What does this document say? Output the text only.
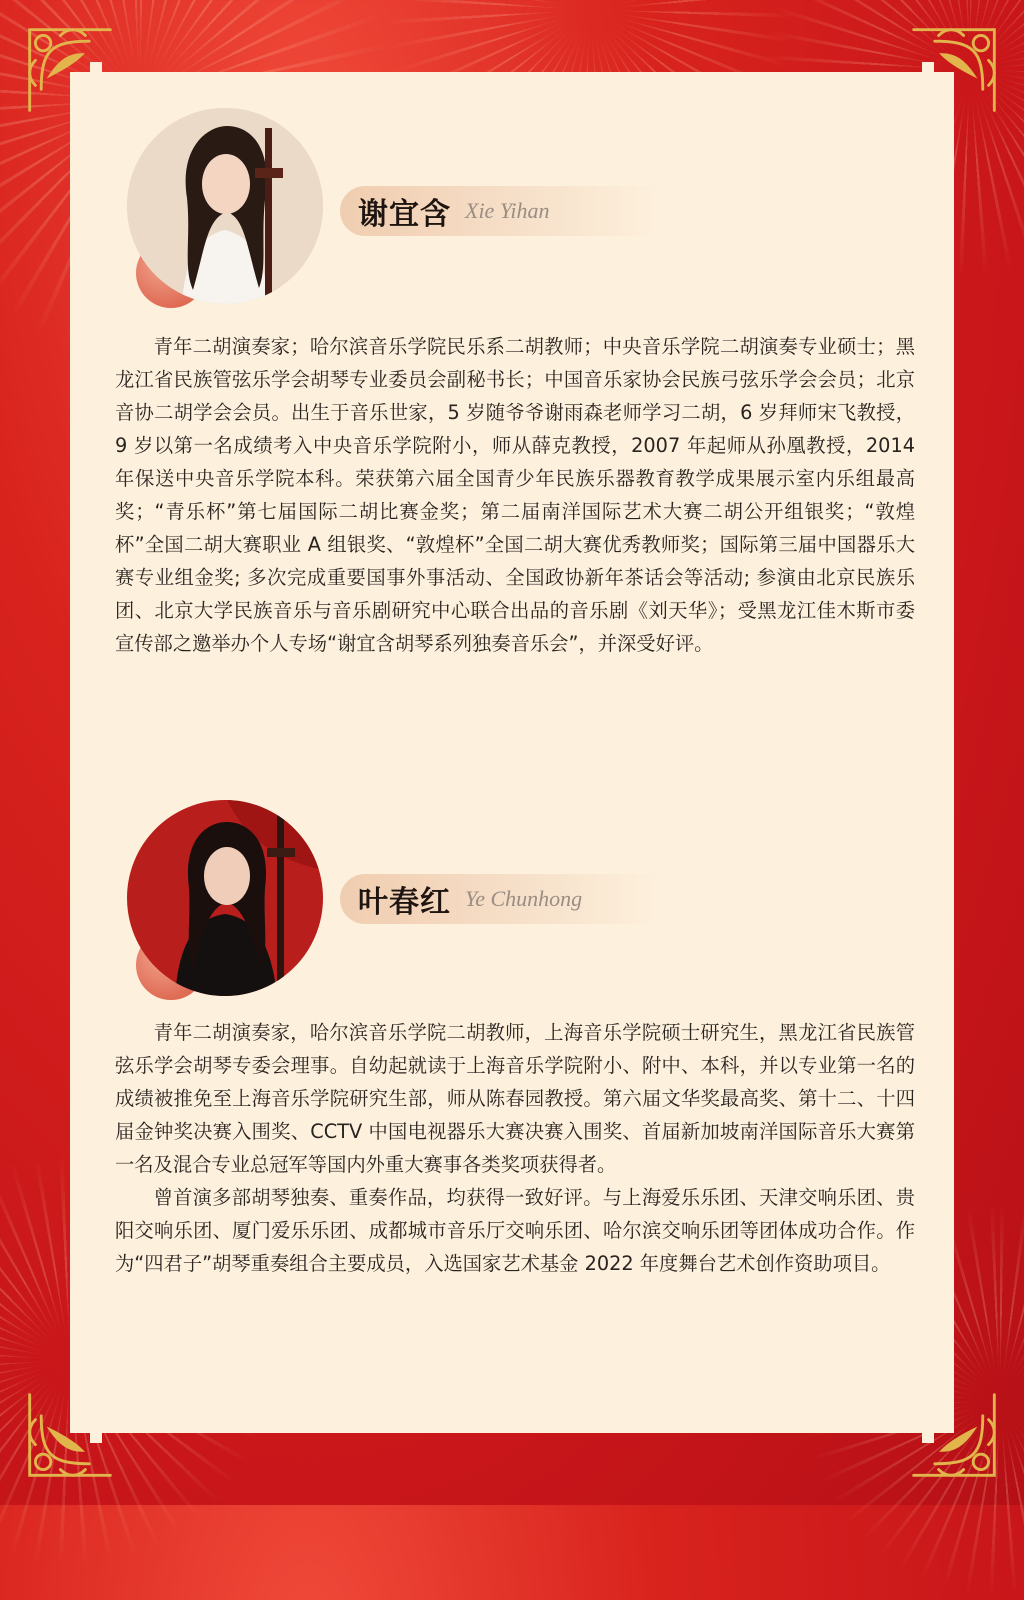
谢宜含 Xie Yihan

青年二胡演奏家；哈尔滨音乐学院民乐系二胡教师；中央音乐学院二胡演奏专业硕士；黑龙江省民族管弦乐学会胡琴专业委员会副秘书长；中国音乐家协会民族弓弦乐学会会员；北京音协二胡学会会员。出生于音乐世家，5 岁随爷爷谢雨森老师学习二胡，6 岁拜师宋飞教授，9 岁以第一名成绩考入中央音乐学院附小，师从薛克教授，2007 年起师从孙凰教授，2014 年保送中央音乐学院本科。荣获第六届全国青少年民族乐器教育教学成果展示室内乐组最高奖；“青乐杯”第七届国际二胡比赛金奖；第二届南洋国际艺术大赛二胡公开组银奖；“敦煌杯”全国二胡大赛职业 A 组银奖、“敦煌杯”全国二胡大赛优秀教师奖；国际第三届中国器乐大赛专业组金奖; 多次完成重要国事外事活动、全国政协新年茶话会等活动; 参演由北京民族乐团、北京大学民族音乐与音乐剧研究中心联合出品的音乐剧《刘天华》；受黑龙江佳木斯市委宣传部之邀举办个人专场“谢宜含胡琴系列独奏音乐会”，并深受好评。

叶春红 Ye Chunhong

青年二胡演奏家，哈尔滨音乐学院二胡教师，上海音乐学院硕士研究生，黑龙江省民族管弦乐学会胡琴专委会理事。自幼起就读于上海音乐学院附小、附中、本科，并以专业第一名的成绩被推免至上海音乐学院研究生部，师从陈春园教授。第六届文华奖最高奖、第十二、十四届金钟奖决赛入围奖、CCTV 中国电视器乐大赛决赛入围奖、首届新加坡南洋国际音乐大赛第一名及混合专业总冠军等国内外重大赛事各类奖项获得者。

曾首演多部胡琴独奏、重奏作品，均获得一致好评。与上海爱乐乐团、天津交响乐团、贵阳交响乐团、厦门爱乐乐团、成都城市音乐厅交响乐团、哈尔滨交响乐团等团体成功合作。作为“四君子”胡琴重奏组合主要成员，入选国家艺术基金 2022 年度舞台艺术创作资助项目。
